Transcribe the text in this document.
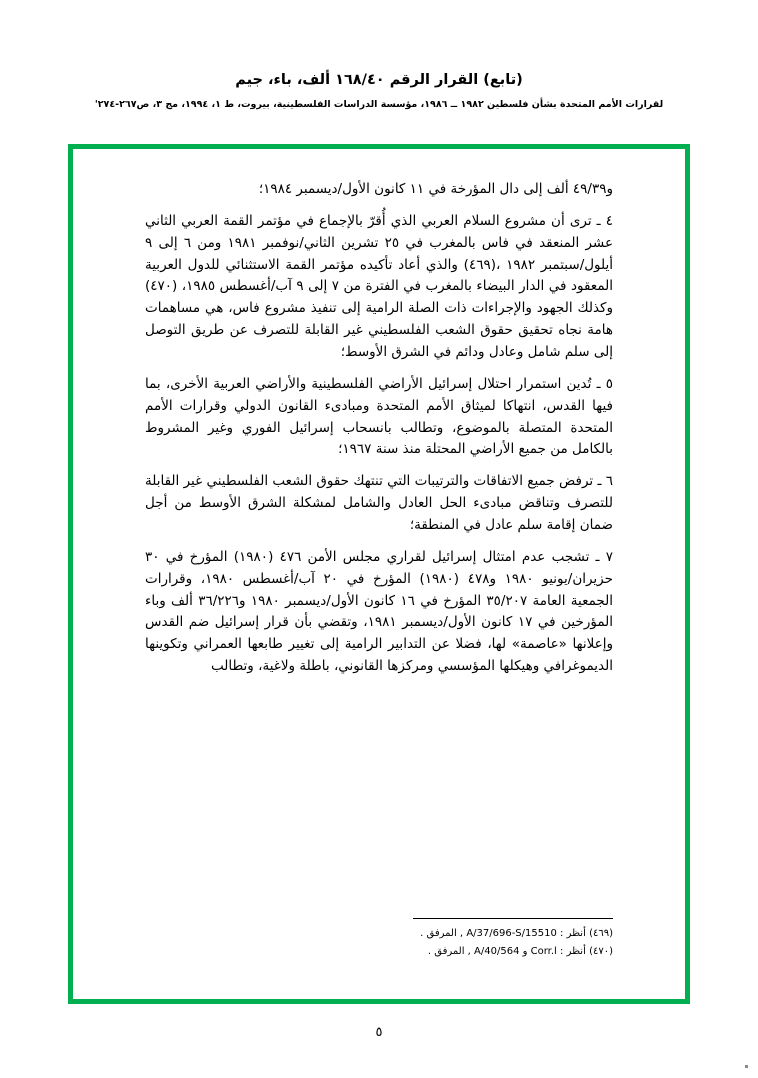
(تابع) القرار الرقم ١٦٨/٤٠ ألف، باء، جيم
لقرارات الأمم المتحدة بشأن فلسطين ١٩٨٢ ــ ١٩٨٦، مؤسسة الدراسات الفلسطينية، بيروت، ط ١، ١٩٩٤، مج ٣، ص٢٦٧-٢٧٤'

و٤٩/٣٩ ألف إلى دال المؤرخة في ١١ كانون الأول/ديسمبر ١٩٨٤؛

٤ ـ ترى أن مشروع السلام العربي الذي أُقرّ بالإجماع في مؤتمر القمة العربي الثاني عشر المنعقد في فاس بالمغرب في ٢٥ تشرين الثاني/نوفمبر ١٩٨١ ومن ٦ إلى ٩ أيلول/سبتمبر ١٩٨٢ ،(٤٦٩) والذي أعاد تأكيده مؤتمر القمة الاستثنائي للدول العربية المعقود في الدار البيضاء بالمغرب في الفترة من ٧ إلى ٩ آب/أغسطس ١٩٨٥، (٤٧٠) وكذلك الجهود والإجراءات ذات الصلة الرامية إلى تنفيذ مشروع فاس، هي مساهمات هامة نجاه تحقيق حقوق الشعب الفلسطيني غير القابلة للتصرف عن طريق التوصل إلى سلم شامل وعادل ودائم في الشرق الأوسط؛

٥ ـ تُدين استمرار احتلال إسرائيل الأراضي الفلسطينية والأراضي العربية الأخرى، بما فيها القدس، انتهاكا لميثاق الأمم المتحدة ومبادىء القانون الدولي وقرارات الأمم المتحدة المتصلة بالموضوع، وتطالب بانسحاب إسرائيل الفوري وغير المشروط بالكامل من جميع الأراضي المحتلة منذ سنة ١٩٦٧؛

٦ ـ ترفض جميع الاتفاقات والترتيبات التي تنتهك حقوق الشعب الفلسطيني غير القابلة للتصرف وتناقض مبادىء الحل العادل والشامل لمشكلة الشرق الأوسط من أجل ضمان إقامة سلم عادل في المنطقة؛

٧ ـ تشجب عدم امتثال إسرائيل لقراري مجلس الأمن ٤٧٦ (١٩٨٠) المؤرخ في ٣٠ حزيران/يونيو ١٩٨٠ و٤٧٨ (١٩٨٠) المؤرخ في ٢٠ آب/أغسطس ١٩٨٠، وقرارات الجمعية العامة ٣٥/٢٠٧ المؤرخ في ١٦ كانون الأول/ديسمبر ١٩٨٠ و٣٦/٢٢٦ ألف وباء المؤرخين في ١٧ كانون الأول/ديسمبر ١٩٨١، وتقضي بأن قرار إسرائيل ضم القدس وإعلانها «عاصمة» لها، فضلا عن التدابير الرامية إلى تغيير طابعها العمراني وتكوينها الديموغرافي وهيكلها المؤسسي ومركزها القانوني، باطلة ولاغية، وتطالب

(٤٦٩) أنظر : A/37/696-S/15510 , المرفق .
(٤٧٠) أنظر : A/40/564 و Corr.l , المرفق .
٥
